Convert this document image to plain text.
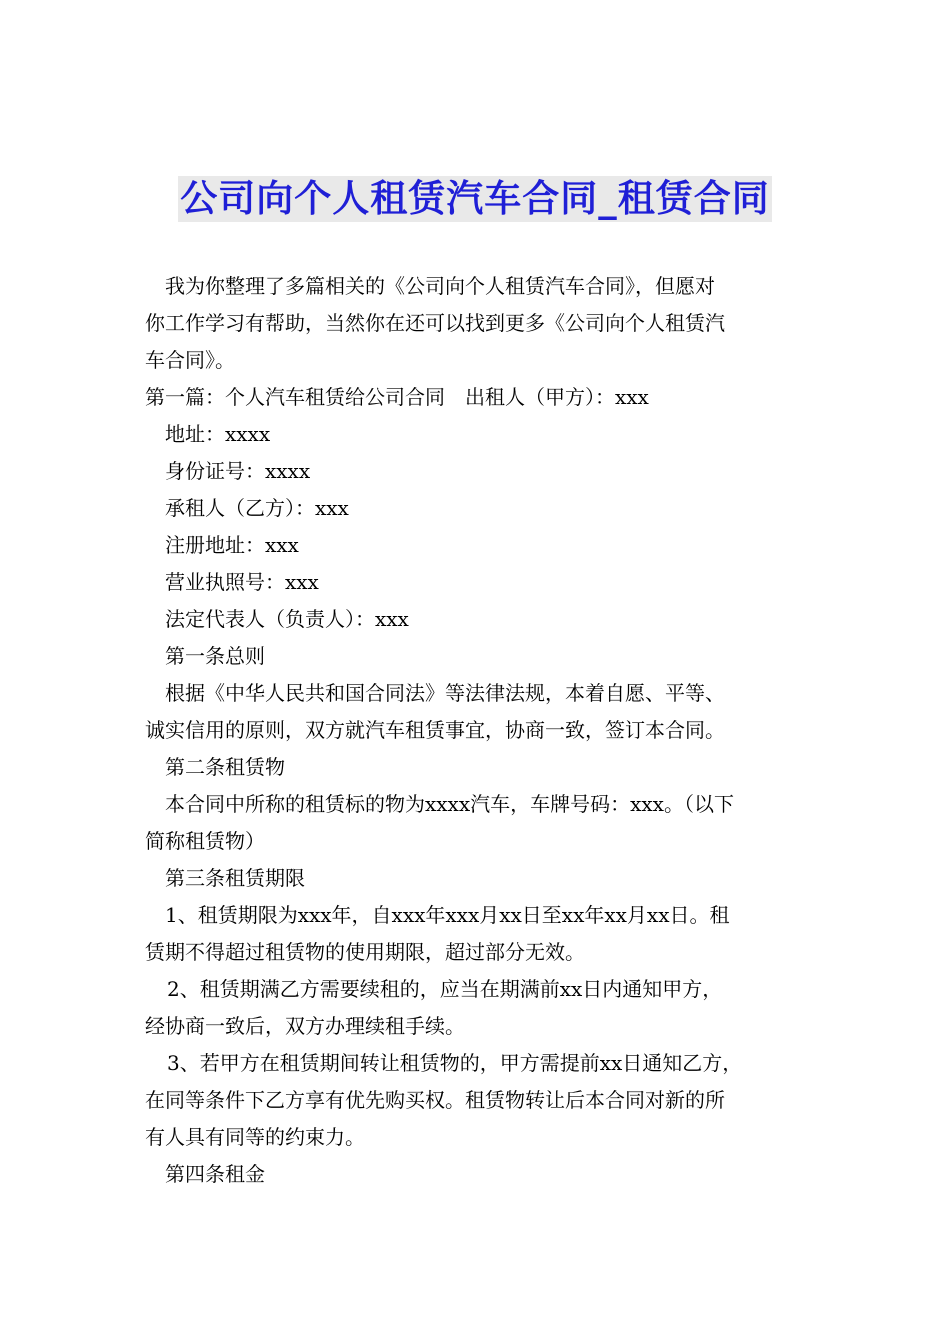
公司向个人租赁汽车合同_租赁合同

我为你整理了多篇相关的《公司向个人租赁汽车合同》，但愿对

你工作学习有帮助，当然你在还可以找到更多《公司向个人租赁汽

车合同》。

第一篇：个人汽车租赁给公司合同　出租人（甲方）：xxx

地址：xxxx

身份证号：xxxx

承租人（乙方）：xxx

注册地址：xxx

营业执照号：xxx

法定代表人（负责人）：xxx

第一条总则

根据《中华人民共和国合同法》等法律法规，本着自愿、平等、

诚实信用的原则，双方就汽车租赁事宜，协商一致，签订本合同。

第二条租赁物

本合同中所称的租赁标的物为xxxx汽车，车牌号码：xxx。（以下

简称租赁物）

第三条租赁期限

1、租赁期限为xxx年，自xxx年xxx月xx日至xx年xx月xx日。租

赁期不得超过租赁物的使用期限，超过部分无效。

2、租赁期满乙方需要续租的，应当在期满前xx日内通知甲方，

经协商一致后，双方办理续租手续。

3、若甲方在租赁期间转让租赁物的，甲方需提前xx日通知乙方，

在同等条件下乙方享有优先购买权。租赁物转让后本合同对新的所

有人具有同等的约束力。

第四条租金
